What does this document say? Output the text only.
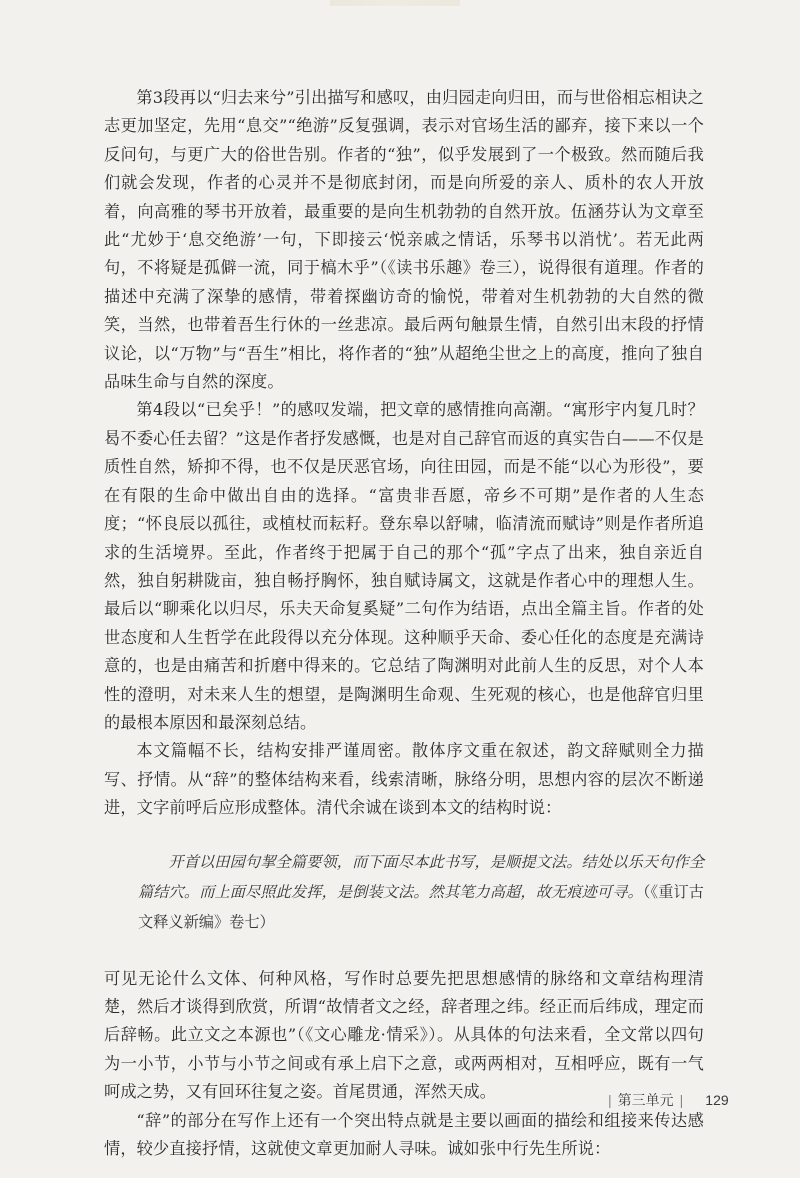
第3段再以“归去来兮”引出描写和感叹，由归园走向归田，而与世俗相忘相诀之志更加坚定，先用“息交”“绝游”反复强调，表示对官场生活的鄙弃，接下来以一个反问句，与更广大的俗世告别。作者的“独”，似乎发展到了一个极致。然而随后我们就会发现，作者的心灵并不是彻底封闭，而是向所爱的亲人、质朴的农人开放着，向高雅的琴书开放着，最重要的是向生机勃勃的自然开放。伍涵芬认为文章至此“尤妙于‘息交绝游’一句，下即接云‘悦亲戚之情话，乐琴书以消忧’。若无此两句，不将疑是孤僻一流，同于槁木乎”（《读书乐趣》卷三），说得很有道理。作者的描述中充满了深挚的感情，带着探幽访奇的愉悦，带着对生机勃勃的大自然的微笑，当然，也带着吾生行休的一丝悲凉。最后两句触景生情，自然引出末段的抒情议论，以“万物”与“吾生”相比，将作者的“独”从超绝尘世之上的高度，推向了独自品味生命与自然的深度。

第4段以“已矣乎！”的感叹发端，把文章的感情推向高潮。“寓形宇内复几时？曷不委心任去留？”这是作者抒发感慨，也是对自己辞官而返的真实告白——不仅是质性自然，矫抑不得，也不仅是厌恶官场，向往田园，而是不能“以心为形役”，要在有限的生命中做出自由的选择。“富贵非吾愿，帝乡不可期”是作者的人生态度；“怀良辰以孤往，或植杖而耘耔。登东皋以舒啸，临清流而赋诗”则是作者所追求的生活境界。至此，作者终于把属于自己的那个“孤”字点了出来，独自亲近自然，独自躬耕陇亩，独自畅抒胸怀，独自赋诗属文，这就是作者心中的理想人生。最后以“聊乘化以归尽，乐夫天命复奚疑”二句作为结语，点出全篇主旨。作者的处世态度和人生哲学在此段得以充分体现。这种顺乎天命、委心任化的态度是充满诗意的，也是由痛苦和折磨中得来的。它总结了陶渊明对此前人生的反思，对个人本性的澄明，对未来人生的想望，是陶渊明生命观、生死观的核心，也是他辞官归里的最根本原因和最深刻总结。

本文篇幅不长，结构安排严谨周密。散体序文重在叙述，韵文辞赋则全力描写、抒情。从“辞”的整体结构来看，线索清晰，脉络分明，思想内容的层次不断递进，文字前呼后应形成整体。清代余诚在谈到本文的结构时说：

开首以田园句挈全篇要领，而下面尽本此书写，是顺提文法。结处以乐天句作全篇结穴。而上面尽照此发挥，是倒装文法。然其笔力高超，故无痕迹可寻。（《重订古文释义新编》卷七）

可见无论什么文体、何种风格，写作时总要先把思想感情的脉络和文章结构理清楚，然后才谈得到欣赏，所谓“故情者文之经，辞者理之纬。经正而后纬成，理定而后辞畅。此立文之本源也”（《文心雕龙·情采》）。从具体的句法来看，全文常以四句为一小节，小节与小节之间或有承上启下之意，或两两相对，互相呼应，既有一气呵成之势，又有回环往复之姿。首尾贯通，浑然天成。

“辞”的部分在写作上还有一个突出特点就是主要以画面的描绘和组接来传达感情，较少直接抒情，这就使文章更加耐人寻味。诚如张中行先生所说：

| 第三单元 | 129
